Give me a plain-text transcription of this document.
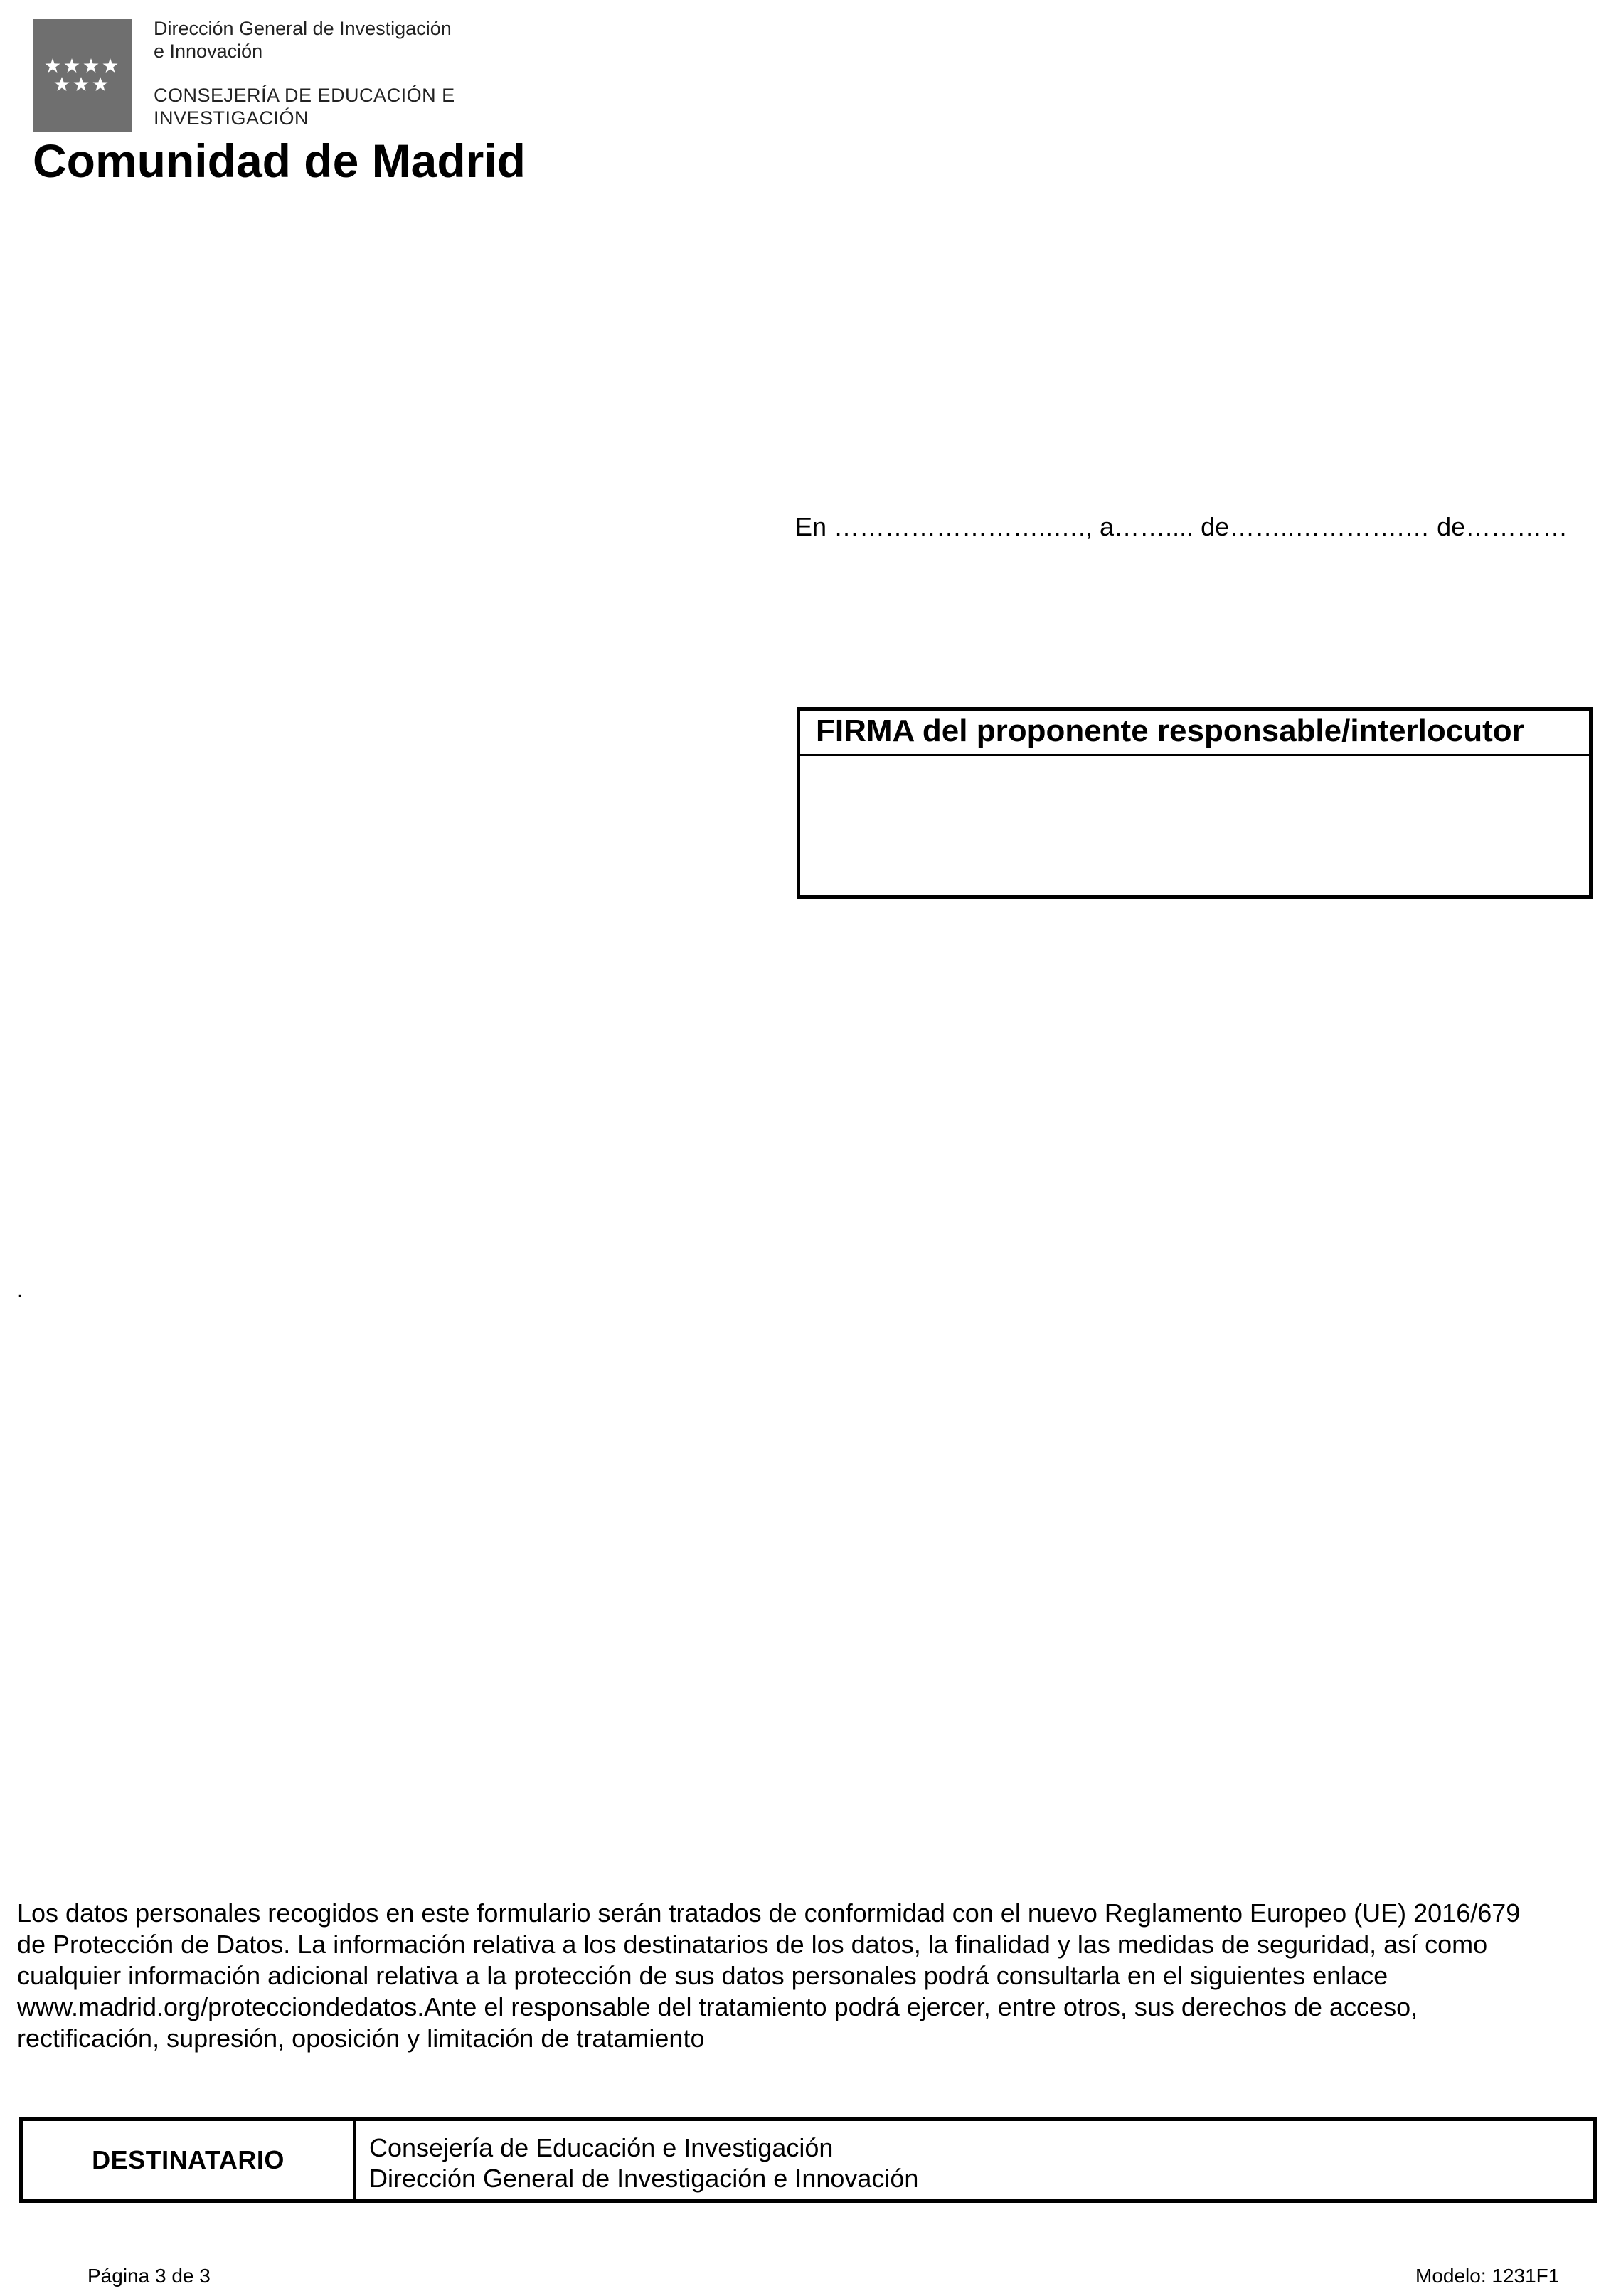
Dirección General de Investigación
e Innovación
CONSEJERÍA DE EDUCACIÓN E
INVESTIGACIÓN
Comunidad de Madrid
En ……………………..…., a…….... de……..………….… de…………
FIRMA del proponente responsable/interlocutor
.
Los datos personales recogidos en este formulario serán tratados de conformidad con el nuevo Reglamento Europeo (UE) 2016/679
de Protección de Datos. La información relativa a los destinatarios de los datos, la finalidad y las medidas de seguridad, así como
cualquier información adicional relativa a la protección de sus datos personales podrá consultarla en el siguientes enlace
www.madrid.org/protecciondedatos.Ante el responsable del tratamiento podrá ejercer, entre otros, sus derechos de acceso,
rectificación, supresión, oposición y limitación de tratamiento
DESTINATARIO	Consejería de Educación e Investigación
Dirección General de Investigación e Innovación
Página 3 de 3	Modelo: 1231F1
